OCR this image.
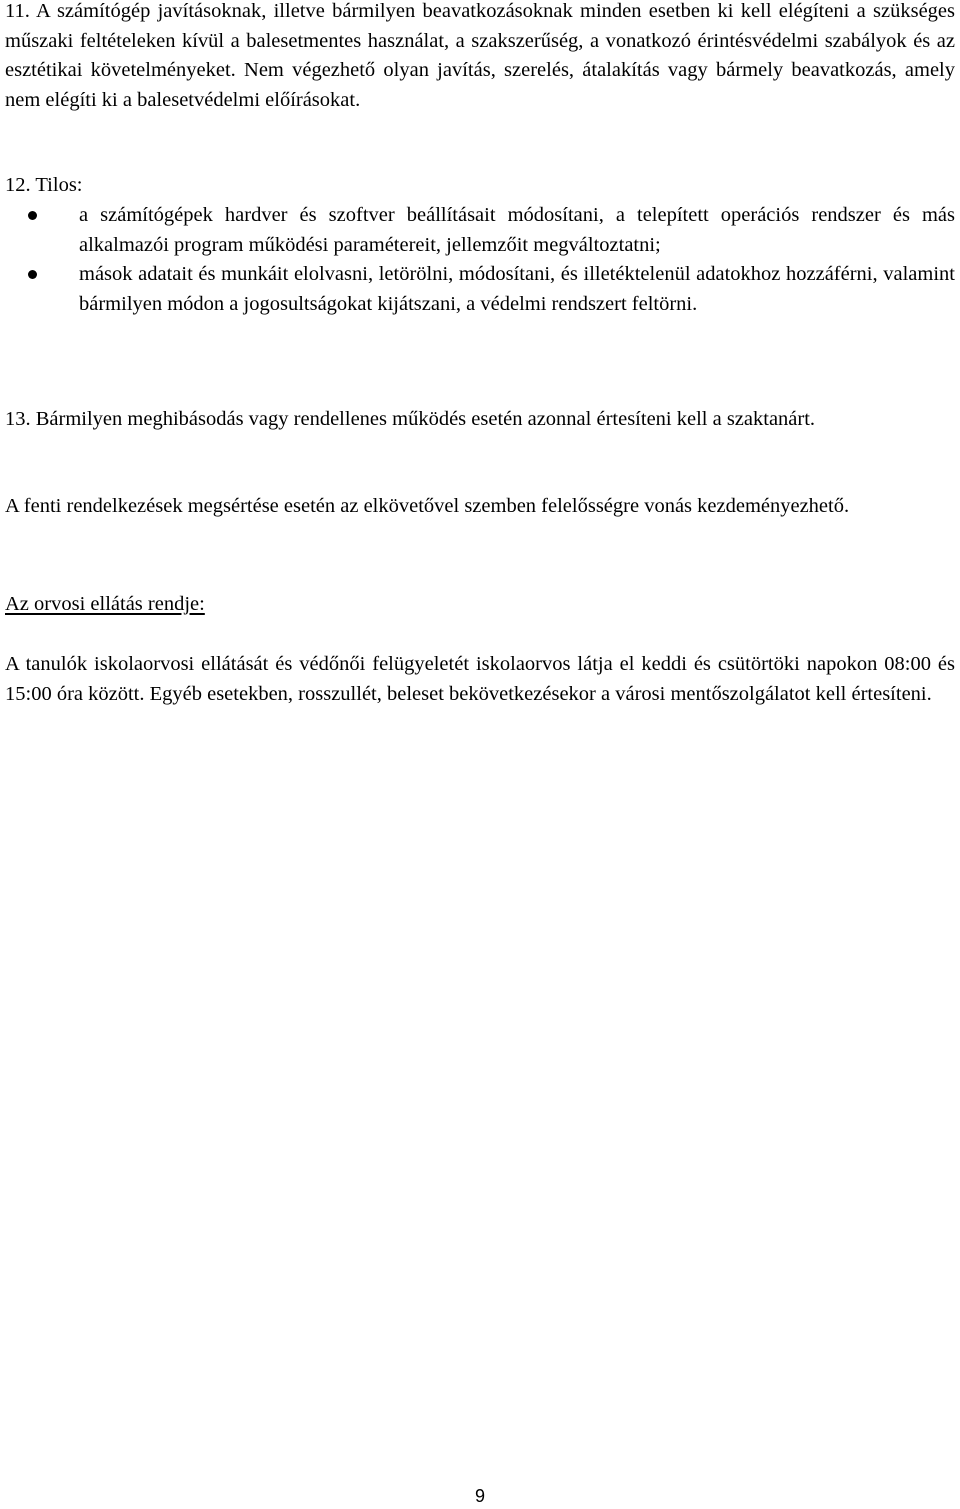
11. A számítógép javításoknak, illetve bármilyen beavatkozásoknak minden esetben ki kell elégíteni a szükséges műszaki feltételeken kívül a balesetmentes használat, a szakszerűség, a vonatkozó érintésvédelmi szabályok és az esztétikai követelményeket. Nem végezhető olyan javítás, szerelés, átalakítás vagy bármely beavatkozás, amely nem elégíti ki a balesetvédelmi előírásokat.

12. Tilos:

a számítógépek hardver és szoftver beállításait módosítani, a telepített operációs rendszer és más alkalmazói program működési paramétereit, jellemzőit megváltoztatni;
mások adatait és munkáit elolvasni, letörölni, módosítani, és illetéktelenül adatokhoz hozzáférni, valamint bármilyen módon a jogosultságokat kijátszani, a védelmi rendszert feltörni.

13. Bármilyen meghibásodás vagy rendellenes működés esetén azonnal értesíteni kell a szaktanárt.

A fenti rendelkezések megsértése esetén az elkövetővel szemben felelősségre vonás kezdeményezhető.

Az orvosi ellátás rendje:

A tanulók iskolaorvosi ellátását és védőnői felügyeletét iskolaorvos látja el keddi és csütörtöki napokon 08:00 és 15:00 óra között. Egyéb esetekben, rosszullét, beleset bekövetkezésekor a városi mentőszolgálatot kell értesíteni.

9
